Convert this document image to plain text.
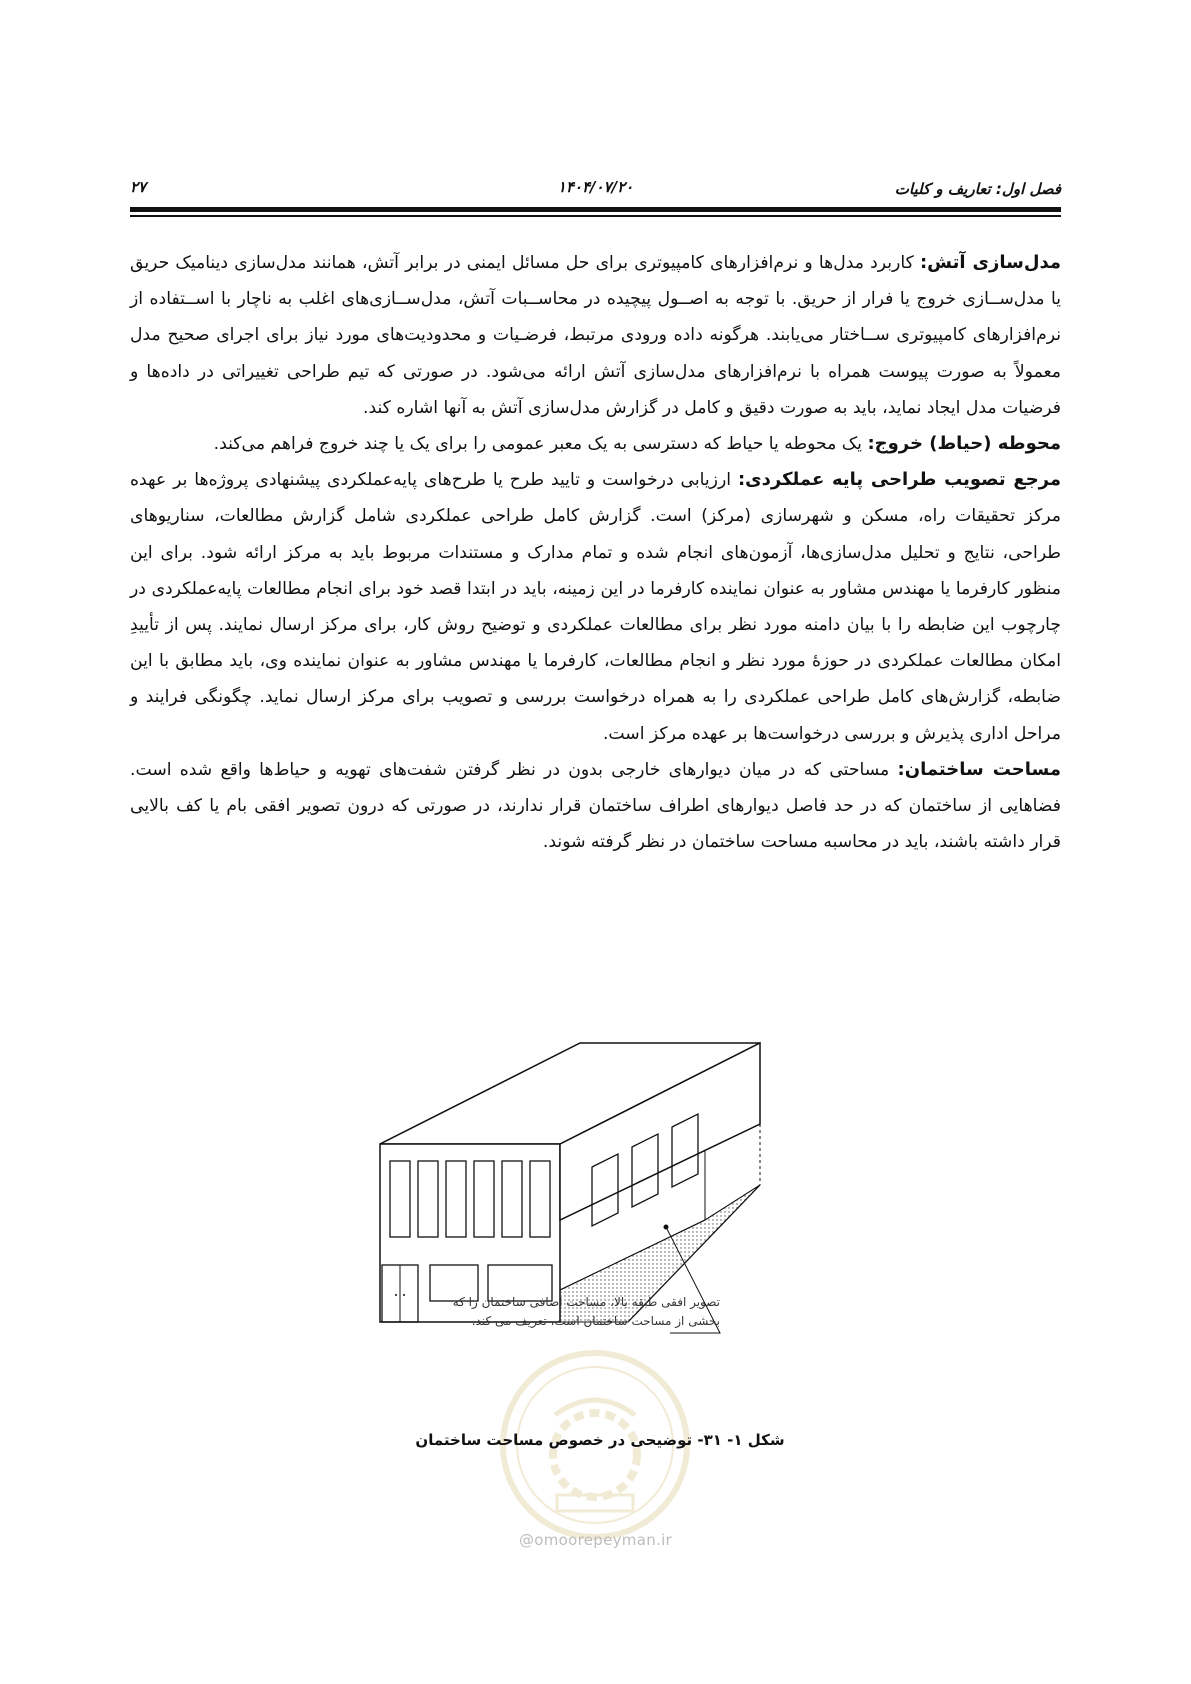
فصل اول: تعاریف و کلیات
۱۴۰۴/۰۷/۲۰
۲۷

مدل‌سازی آتش: کاربرد مدل‌ها و نرم‌افزارهای کامپیوتری برای حل مسائل ایمنی در برابر آتش، همانند مدل‌سازی دینامیک حریق یا مدل‌ســازی خروج یا فرار از حریق. با توجه به اصــول پیچیده در محاســبات آتش، مدل‌ســازی‌های اغلب به ناچار با اســتفاده از نرم‌افزارهای کامپیوتری ســاختار می‌یابند. هرگونه داده ورودی مرتبط، فرضـیات و محدودیت‌های مورد نیاز برای اجرای صحیح مدل معمولاً به صورت پیوست همراه با نرم‌افزارهای مدل‌سازی آتش ارائه می‌شود. در صورتی که تیم طراحی تغییراتی در داده‌ها و فرضیات مدل ایجاد نماید، باید به صورت دقیق و کامل در گزارش مدل‌سازی آتش به آنها اشاره کند.

محوطه (حیاط) خروج: یک محوطه یا حیاط که دسترسی به یک معبر عمومی را برای یک یا چند خروج فراهم می‌کند.

مرجع تصویب طراحی پایه عملکردی: ارزیابی درخواست و تایید طرح یا طرح‌های پایه‌عملکردی پیشنهادی پروژه‌ها بر عهده مرکز تحقیقات راه، مسکن و شهرسازی (مرکز) است. گزارش کامل طراحی عملکردی شامل گزارش مطالعات، سناریوهای طراحی، نتایج و تحلیل مدل‌سازی‌ها، آزمون‌های انجام شده و تمام مدارک و مستندات مربوط باید به مرکز ارائه شود. برای این منظور کارفرما یا مهندس مشاور به عنوان نماینده کارفرما در این زمینه، باید در ابتدا قصد خود برای انجام مطالعات پایه‌عملکردی در چارچوب این ضابطه را با بیان دامنه مورد نظر برای مطالعات عملکردی و توضیح روش کار، برای مرکز ارسال نمایند. پس از تأییدِ امکان مطالعات عملکردی در حوزهٔ مورد نظر و انجام مطالعات، کارفرما یا مهندس مشاور به عنوان نماینده وی، باید مطابق با این ضابطه، گزارش‌های کامل طراحی عملکردی را به همراه درخواست بررسی و تصویب برای مرکز ارسال نماید. چگونگی فرایند و مراحل اداری پذیرش و بررسی درخواست‌ها بر عهده مرکز است.

مساحت ساختمان: مساحتی که در میان دیوارهای خارجی بدون در نظر گرفتن شفت‌های تهویه و حیاط‌ها واقع شده است. فضاهایی از ساختمان که در حد فاصل دیوارهای اطراف ساختمان قرار ندارند، در صورتی که درون تصویر افقی بام یا کف بالایی قرار داشته باشند، باید در محاسبه مساحت ساختمان در نظر گرفته شوند.

@omoorepeyman.ir
تصویر افقی طبقه بالا، مساحت اضافی ساختمان را که
بخشی از مساحت ساختمان است، تعریف می کند.
شکل ۱- ۳۱- توضیحی در خصوص مساحت ساختمان
